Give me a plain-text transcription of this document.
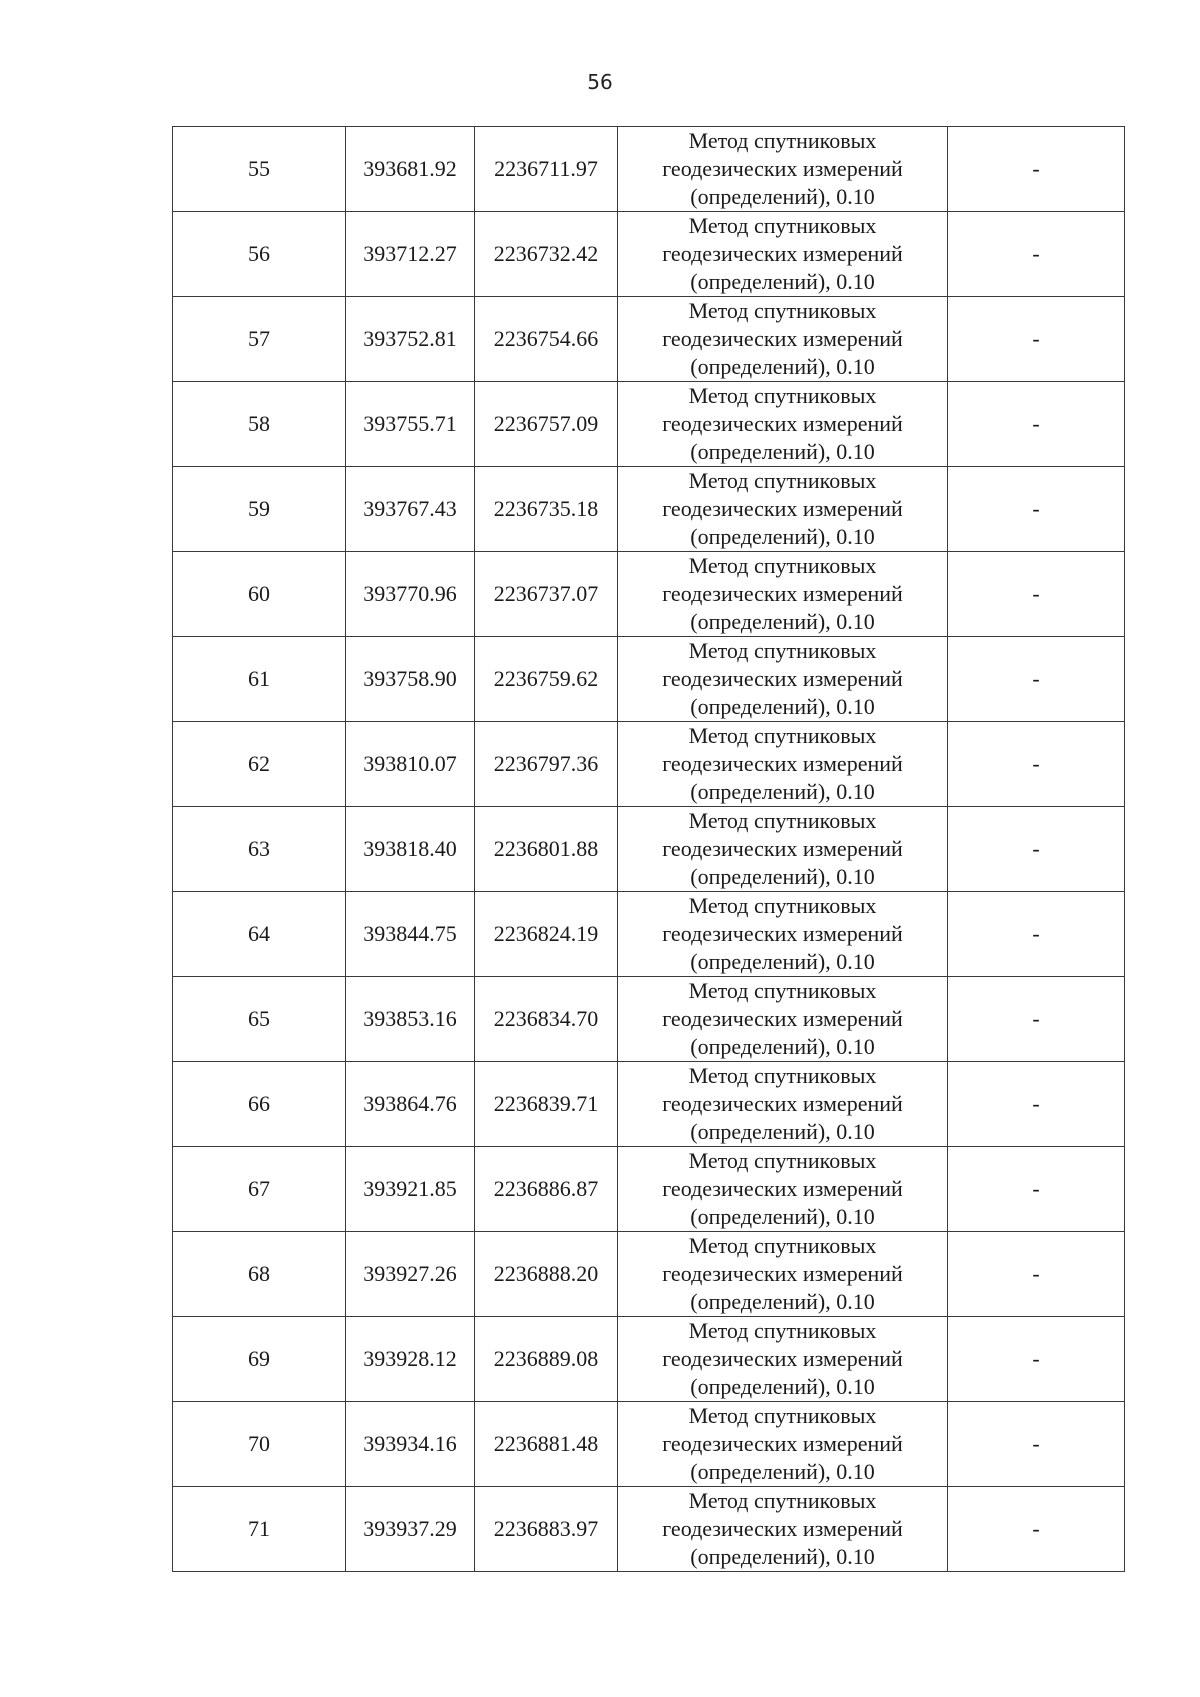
56
55	393681.92	2236711.97	Метод спутниковых
геодезических измерений
(определений), 0.10	-
56	393712.27	2236732.42	Метод спутниковых
геодезических измерений
(определений), 0.10	-
57	393752.81	2236754.66	Метод спутниковых
геодезических измерений
(определений), 0.10	-
58	393755.71	2236757.09	Метод спутниковых
геодезических измерений
(определений), 0.10	-
59	393767.43	2236735.18	Метод спутниковых
геодезических измерений
(определений), 0.10	-
60	393770.96	2236737.07	Метод спутниковых
геодезических измерений
(определений), 0.10	-
61	393758.90	2236759.62	Метод спутниковых
геодезических измерений
(определений), 0.10	-
62	393810.07	2236797.36	Метод спутниковых
геодезических измерений
(определений), 0.10	-
63	393818.40	2236801.88	Метод спутниковых
геодезических измерений
(определений), 0.10	-
64	393844.75	2236824.19	Метод спутниковых
геодезических измерений
(определений), 0.10	-
65	393853.16	2236834.70	Метод спутниковых
геодезических измерений
(определений), 0.10	-
66	393864.76	2236839.71	Метод спутниковых
геодезических измерений
(определений), 0.10	-
67	393921.85	2236886.87	Метод спутниковых
геодезических измерений
(определений), 0.10	-
68	393927.26	2236888.20	Метод спутниковых
геодезических измерений
(определений), 0.10	-
69	393928.12	2236889.08	Метод спутниковых
геодезических измерений
(определений), 0.10	-
70	393934.16	2236881.48	Метод спутниковых
геодезических измерений
(определений), 0.10	-
71	393937.29	2236883.97	Метод спутниковых
геодезических измерений
(определений), 0.10	-
